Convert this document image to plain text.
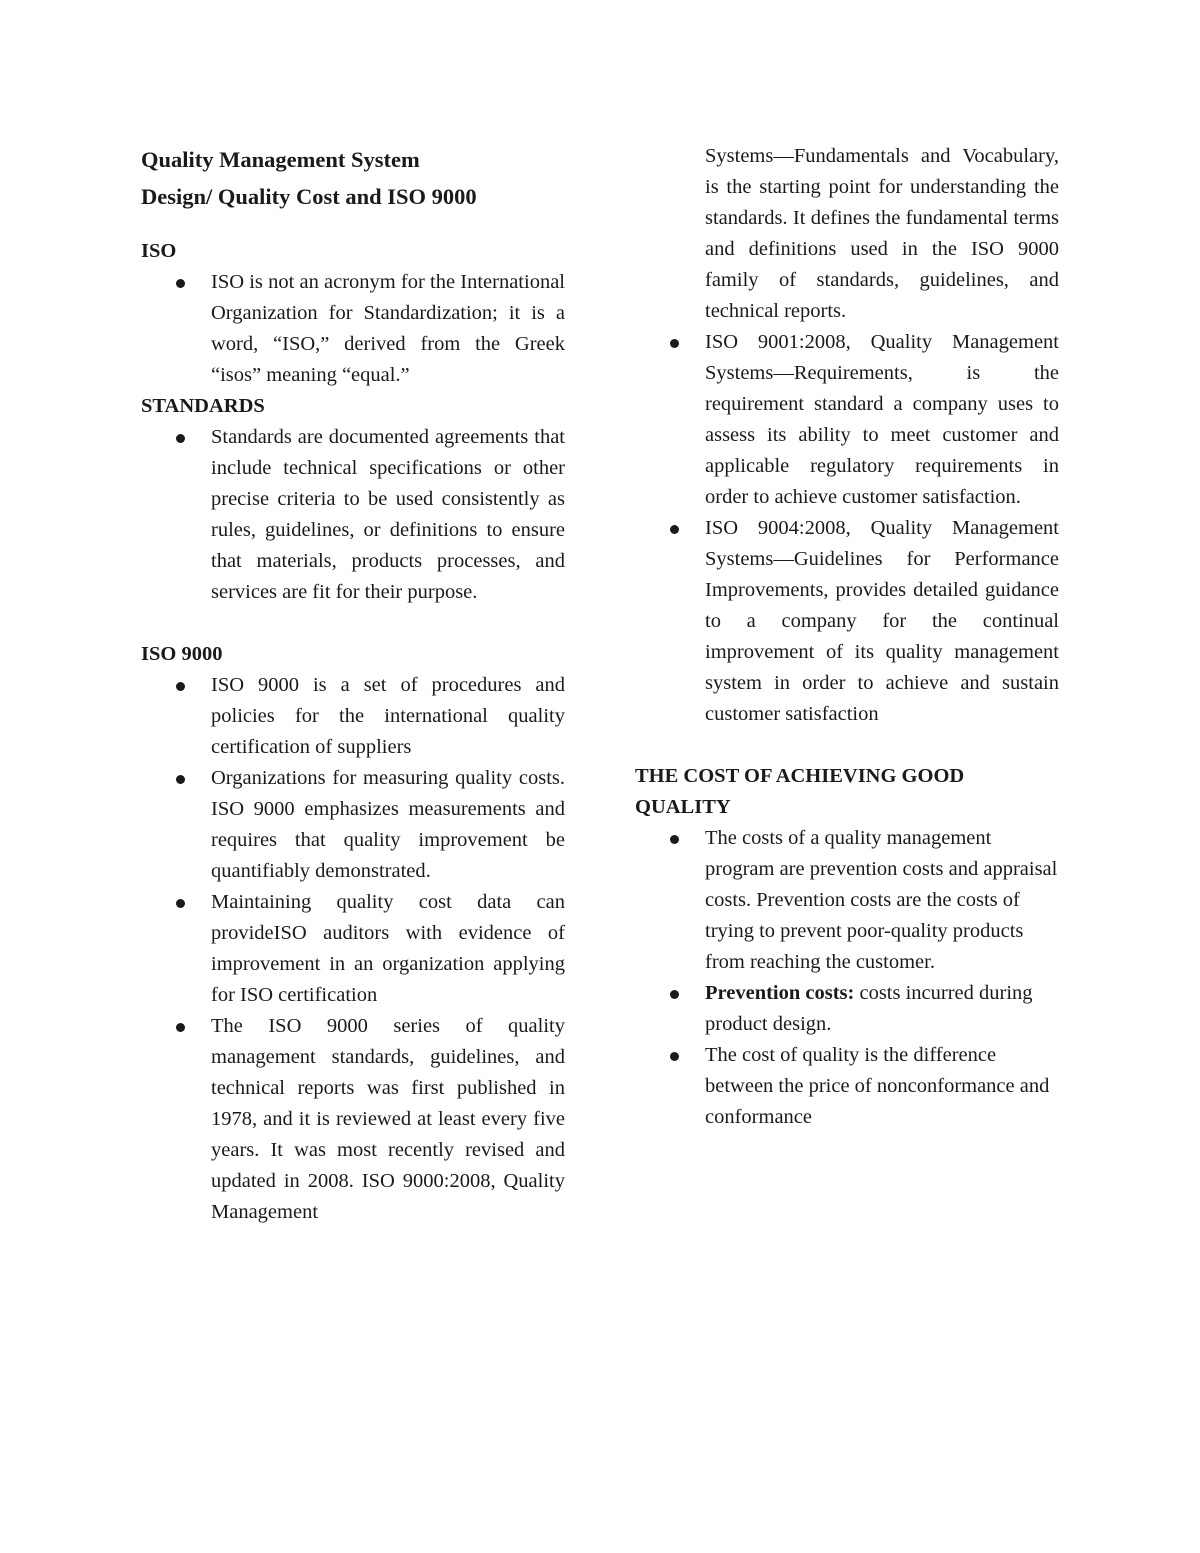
Quality Management System

Design/ Quality Cost and ISO 9000

ISO

ISO is not an acronym for the International Organization for Standardization; it is a word, “ISO,” derived from the Greek “isos” meaning “equal.”

STANDARDS

Standards are documented agreements that include technical specifications or other precise criteria to be used consistently as rules, guidelines, or definitions to ensure that materials, products processes, and services are fit for their purpose.

ISO 9000

ISO 9000 is a set of procedures and policies for the international quality certification of suppliers
Organizations for measuring quality costs. ISO 9000 emphasizes measurements and requires that quality improvement be quantifiably demonstrated.
Maintaining quality cost data can provideISO auditors with evidence of improvement in an organization applying for ISO certification
The ISO 9000 series of quality management standards, guidelines, and technical reports was first published in 1978, and it is reviewed at least every five years. It was most recently revised and updated in 2008. ISO 9000:2008, Quality Management

Systems—Fundamentals and Vocabulary, is the starting point for understanding the standards. It defines the fundamental terms and definitions used in the ISO 9000 family of standards, guidelines, and technical reports.

ISO 9001:2008, Quality Management Systems—Requirements, is the requirement standard a company uses to assess its ability to meet customer and applicable regulatory requirements in order to achieve customer satisfaction.
ISO 9004:2008, Quality Management Systems—Guidelines for Performance Improvements, provides detailed guidance to a company for the continual improvement of its quality management system in order to achieve and sustain customer satisfaction

THE COST OF ACHIEVING GOOD

QUALITY

The costs of a quality management program are prevention costs and appraisal costs. Prevention costs are the costs of trying to prevent poor-quality products from reaching the customer.
Prevention costs: costs incurred during product design.
The cost of quality is the difference between the price of nonconformance and conformance
